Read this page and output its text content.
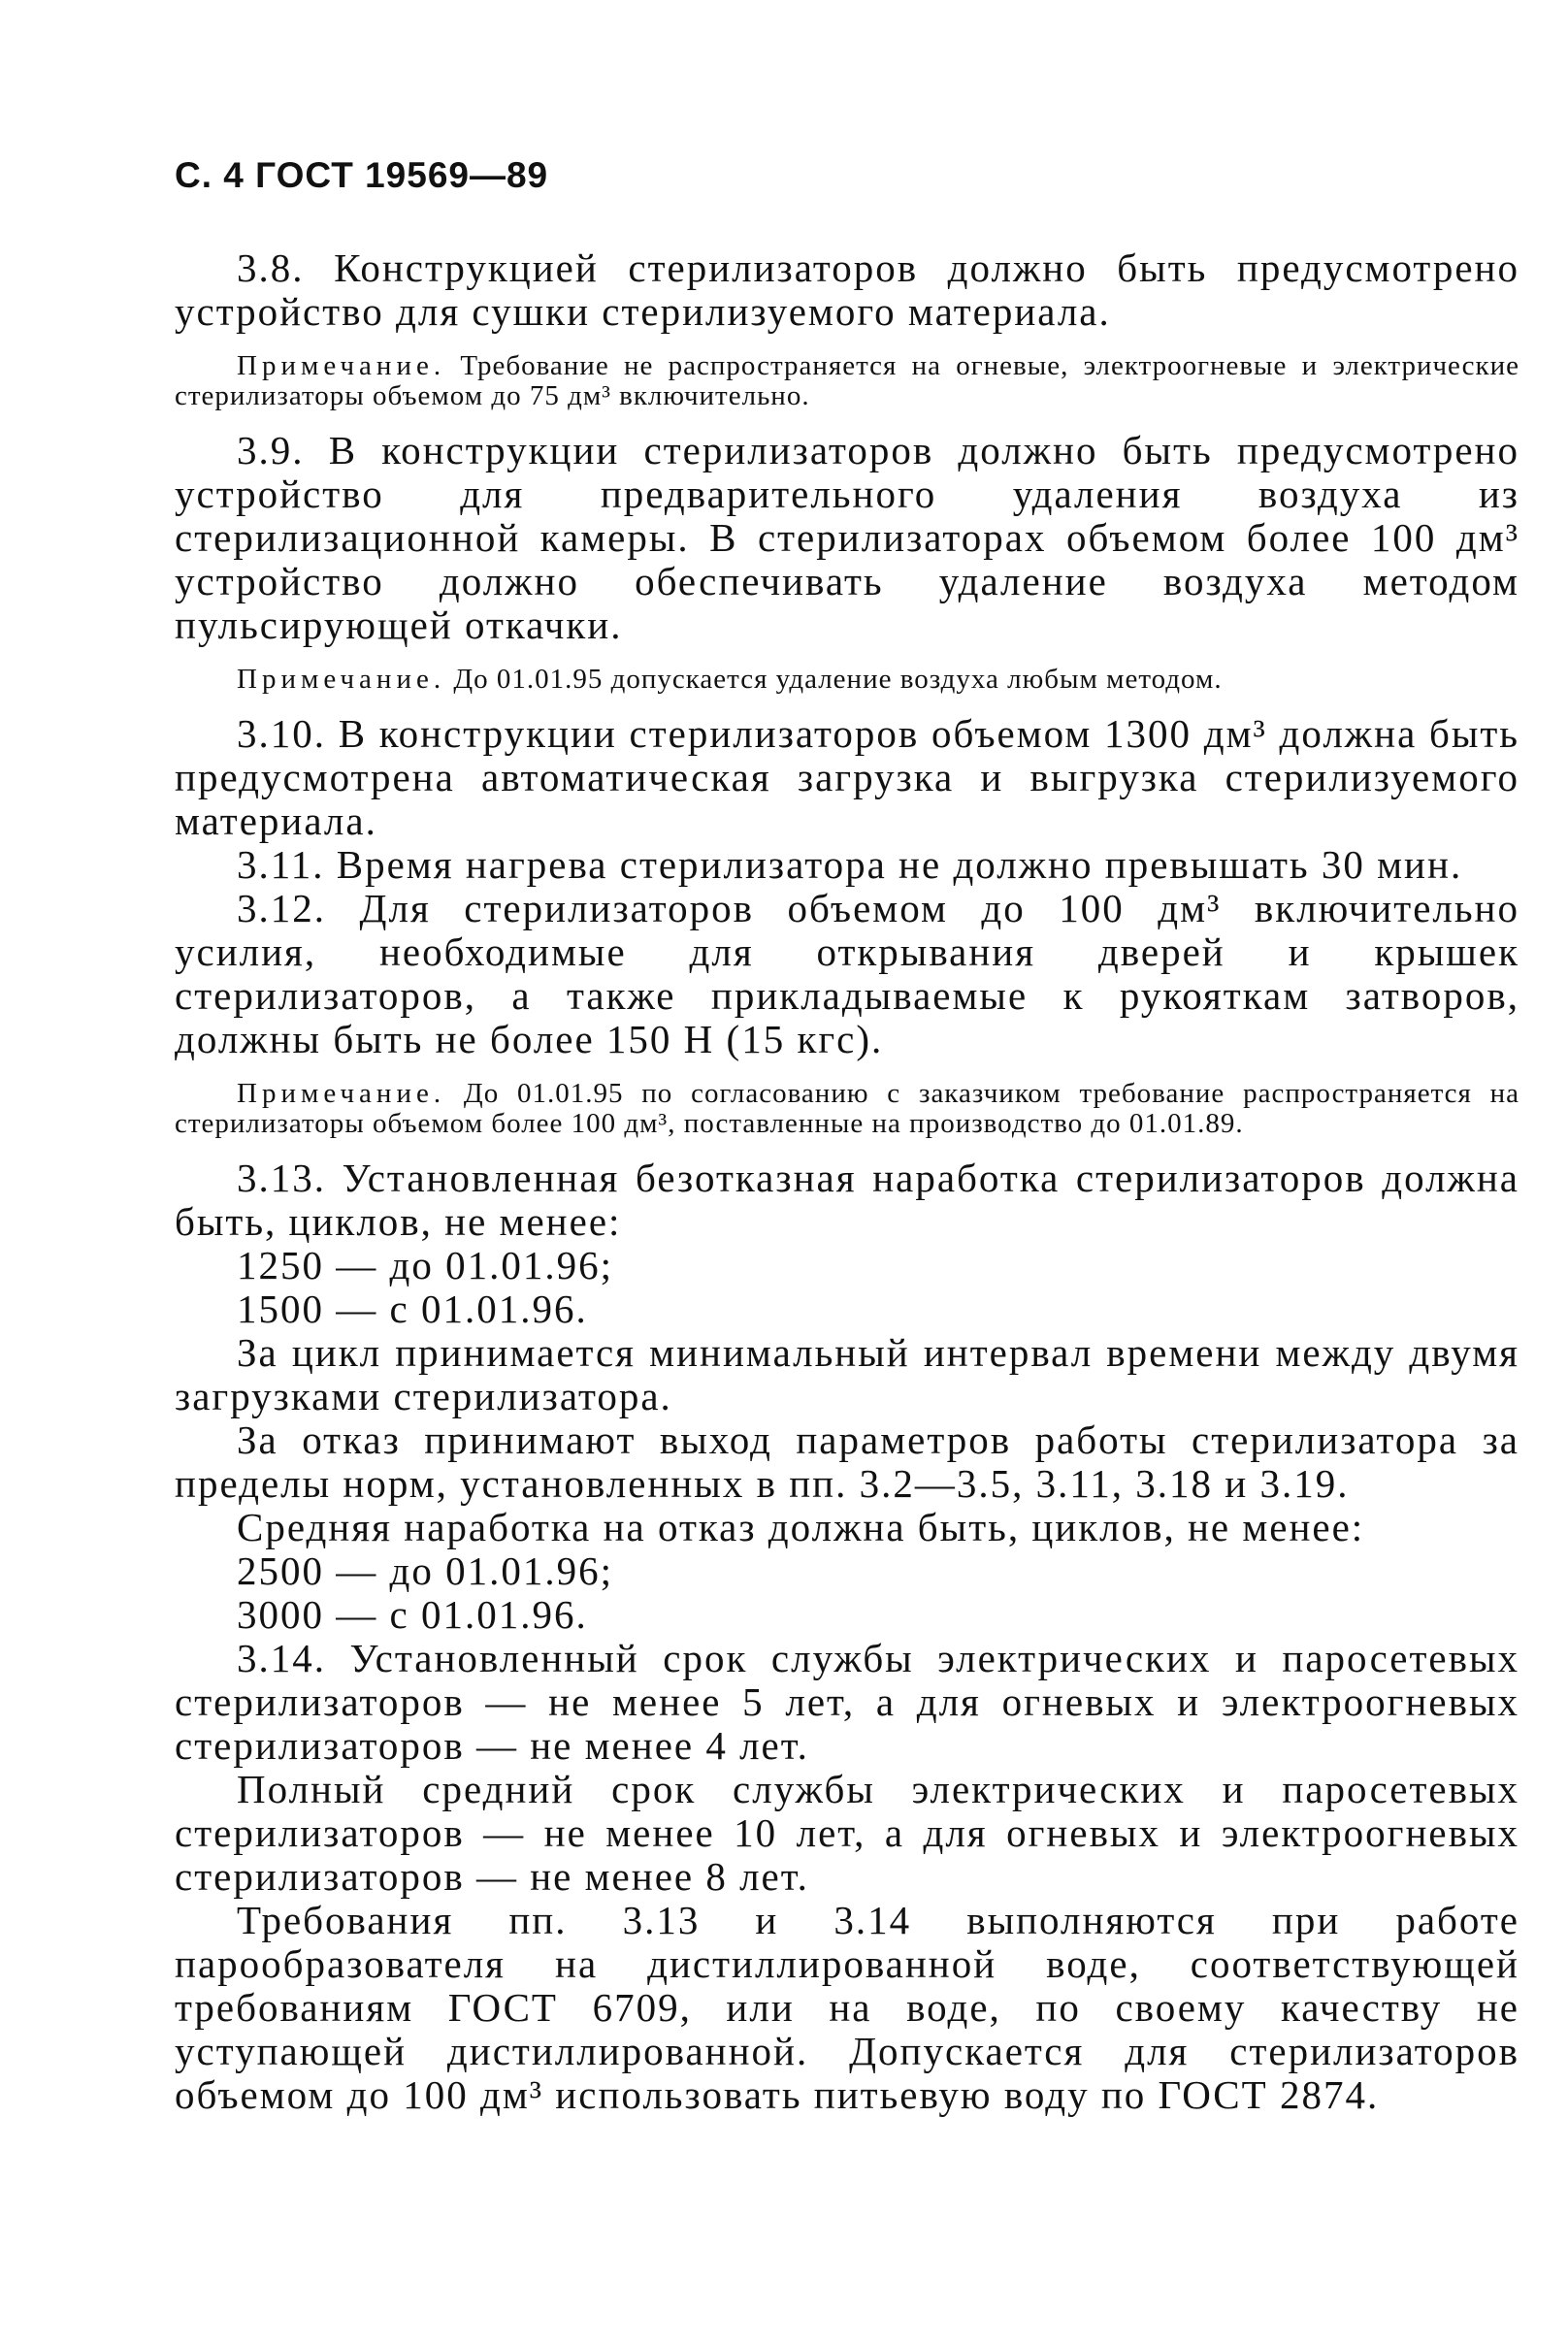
С. 4 ГОСТ 19569—89

3.8. Конструкцией стерилизаторов должно быть предусмотрено устройство для сушки стерилизуемого материала.

Примечание. Требование не распространяется на огневые, электроогневые и электрические стерилизаторы объемом до 75 дм³ включительно.

3.9. В конструкции стерилизаторов должно быть предусмотрено устройство для предварительного удаления воздуха из стерилизационной камеры. В стерилизаторах объемом более 100 дм³ устройство должно обеспечивать удаление воздуха методом пульсирующей откачки.

Примечание. До 01.01.95 допускается удаление воздуха любым методом.

3.10. В конструкции стерилизаторов объемом 1300 дм³ должна быть предусмотрена автоматическая загрузка и выгрузка стерилизуемого материала.

3.11. Время нагрева стерилизатора не должно превышать 30 мин.

3.12. Для стерилизаторов объемом до 100 дм³ включительно усилия, необходимые для открывания дверей и крышек стерилизаторов, а также прикладываемые к рукояткам затворов, должны быть не более 150 Н (15 кгс).

Примечание. До 01.01.95 по согласованию с заказчиком требование распространяется на стерилизаторы объемом более 100 дм³, поставленные на производство до 01.01.89.

3.13. Установленная безотказная наработка стерилизаторов должна быть, циклов, не менее:

1250 — до 01.01.96;

1500 — с 01.01.96.

За цикл принимается минимальный интервал времени между двумя загрузками стерилизатора.

За отказ принимают выход параметров работы стерилизатора за пределы норм, установленных в пп. 3.2—3.5, 3.11, 3.18 и 3.19.

Средняя наработка на отказ должна быть, циклов, не менее:

2500 — до 01.01.96;

3000 — с 01.01.96.

3.14. Установленный срок службы электрических и паросетевых стерилизаторов — не менее 5 лет, а для огневых и электроогневых стерилизаторов — не менее 4 лет.

Полный средний срок службы электрических и паросетевых стерилизаторов — не менее 10 лет, а для огневых и электроогневых стерилизаторов — не менее 8 лет.

Требования пп. 3.13 и 3.14 выполняются при работе парообразователя на дистиллированной воде, соответствующей требованиям ГОСТ 6709, или на воде, по своему качеству не уступающей дистиллированной. Допускается для стерилизаторов объемом до 100 дм³ использовать питьевую воду по ГОСТ 2874.
